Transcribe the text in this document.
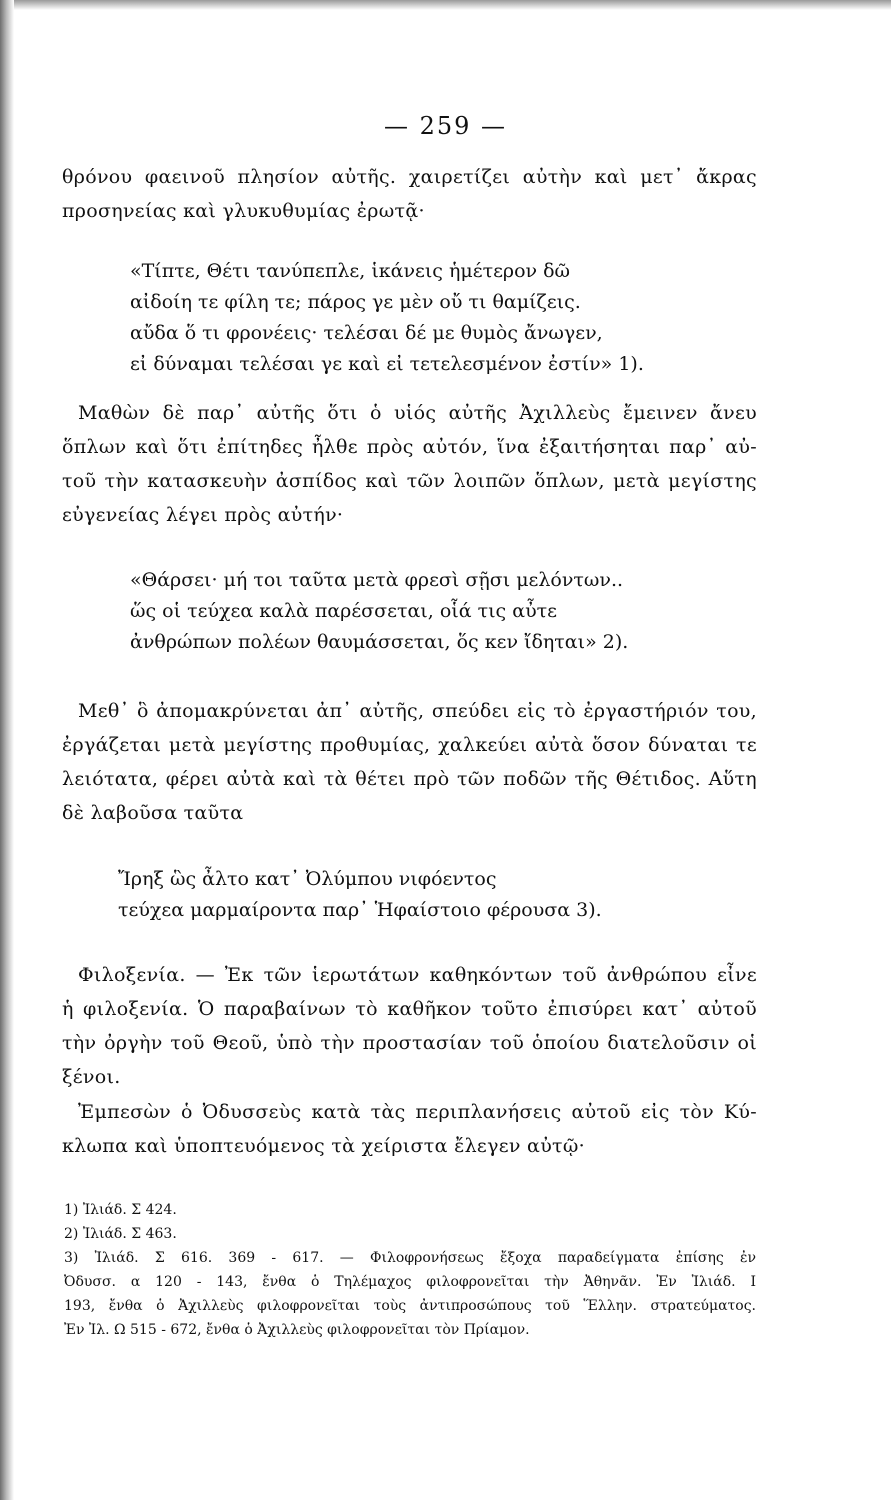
— 259 —
θρόνου φαεινοῦ πλησίον αὐτῆς. χαιρετίζει αὐτὴν καὶ μετ᾽ ἄκρας
προσηνείας καὶ γλυκυθυμίας ἐρωτᾷ·
«Τίπτε, Θέτι τανύπεπλε, ἱκάνεις ἡμέτερον δῶ
αἰδοίη τε φίλη τε; πάρος γε μὲν οὔ τι θαμίζεις.
αὔδα ὅ τι φρονέεις· τελέσαι δέ με θυμὸς ἄνωγεν,
εἰ δύναμαι τελέσαι γε καὶ εἰ τετελεσμένον ἐστίν» 1).
Μαθὼν δὲ παρ᾽ αὐτῆς ὅτι ὁ υἱός αὐτῆς Ἀχιλλεὺς ἔμεινεν ἄνευ
ὅπλων καὶ ὅτι ἐπίτηδες ἦλθε πρὸς αὐτόν, ἵνα ἐξαιτήσηται παρ᾽ αὐ-
τοῦ τὴν κατασκευὴν ἀσπίδος καὶ τῶν λοιπῶν ὅπλων, μετὰ μεγίστης
εὐγενείας λέγει πρὸς αὐτήν·
«Θάρσει· μή τοι ταῦτα μετὰ φρεσὶ σῇσι μελόντων..
ὥς οἱ τεύχεα καλὰ παρέσσεται, οἷά τις αὖτε
ἀνθρώπων πολέων θαυμάσσεται, ὅς κεν ἴδηται» 2).
Μεθ᾽ ὃ ἀπομακρύνεται ἀπ᾽ αὐτῆς, σπεύδει εἰς τὸ ἐργαστήριόν του,
ἐργάζεται μετὰ μεγίστης προθυμίας, χαλκεύει αὐτὰ ὅσον δύναται τε
λειότατα, φέρει αὐτὰ καὶ τὰ θέτει πρὸ τῶν ποδῶν τῆς Θέτιδος. Αὕτη
δὲ λαβοῦσα ταῦτα
Ἴρηξ ὣς ἆλτο κατ᾽ Ὀλύμπου νιφόεντος
τεύχεα μαρμαίροντα παρ᾽ Ἡφαίστοιο φέρουσα 3).
Φιλοξενία. — Ἐκ τῶν ἱερωτάτων καθηκόντων τοῦ ἀνθρώπου εἶνε
ἡ φιλοξενία. Ὁ παραβαίνων τὸ καθῆκον τοῦτο ἐπισύρει κατ᾽ αὐτοῦ
τὴν ὀργὴν τοῦ Θεοῦ, ὑπὸ τὴν προστασίαν τοῦ ὁποίου διατελοῦσιν οἱ
ξένοι.
Ἐμπεσὼν ὁ Ὀδυσσεὺς κατὰ τὰς περιπλανήσεις αὐτοῦ εἰς τὸν Κύ-
κλωπα καὶ ὑποπτευόμενος τὰ χείριστα ἔλεγεν αὐτῷ·
1) Ἰλιάδ. Σ 424.
2) Ἰλιάδ. Σ 463.
3) Ἰλιάδ. Σ 616. 369 - 617. — Φιλοφρονήσεως ἔξοχα παραδείγματα ἐπίσης ἐν
Ὀδυσσ. α 120 - 143, ἔνθα ὁ Τηλέμαχος φιλοφρονεῖται τὴν Ἀθηνᾶν. Ἐν Ἰλιάδ. Ι
193, ἔνθα ὁ Ἀχιλλεὺς φιλοφρονεῖται τοὺς ἀντιπροσώπους τοῦ Ἕλλην. στρατεύματος.
Ἐν Ἰλ. Ω 515 - 672, ἔνθα ὁ Ἀχιλλεὺς φιλοφρονεῖται τὸν Πρίαμον.
